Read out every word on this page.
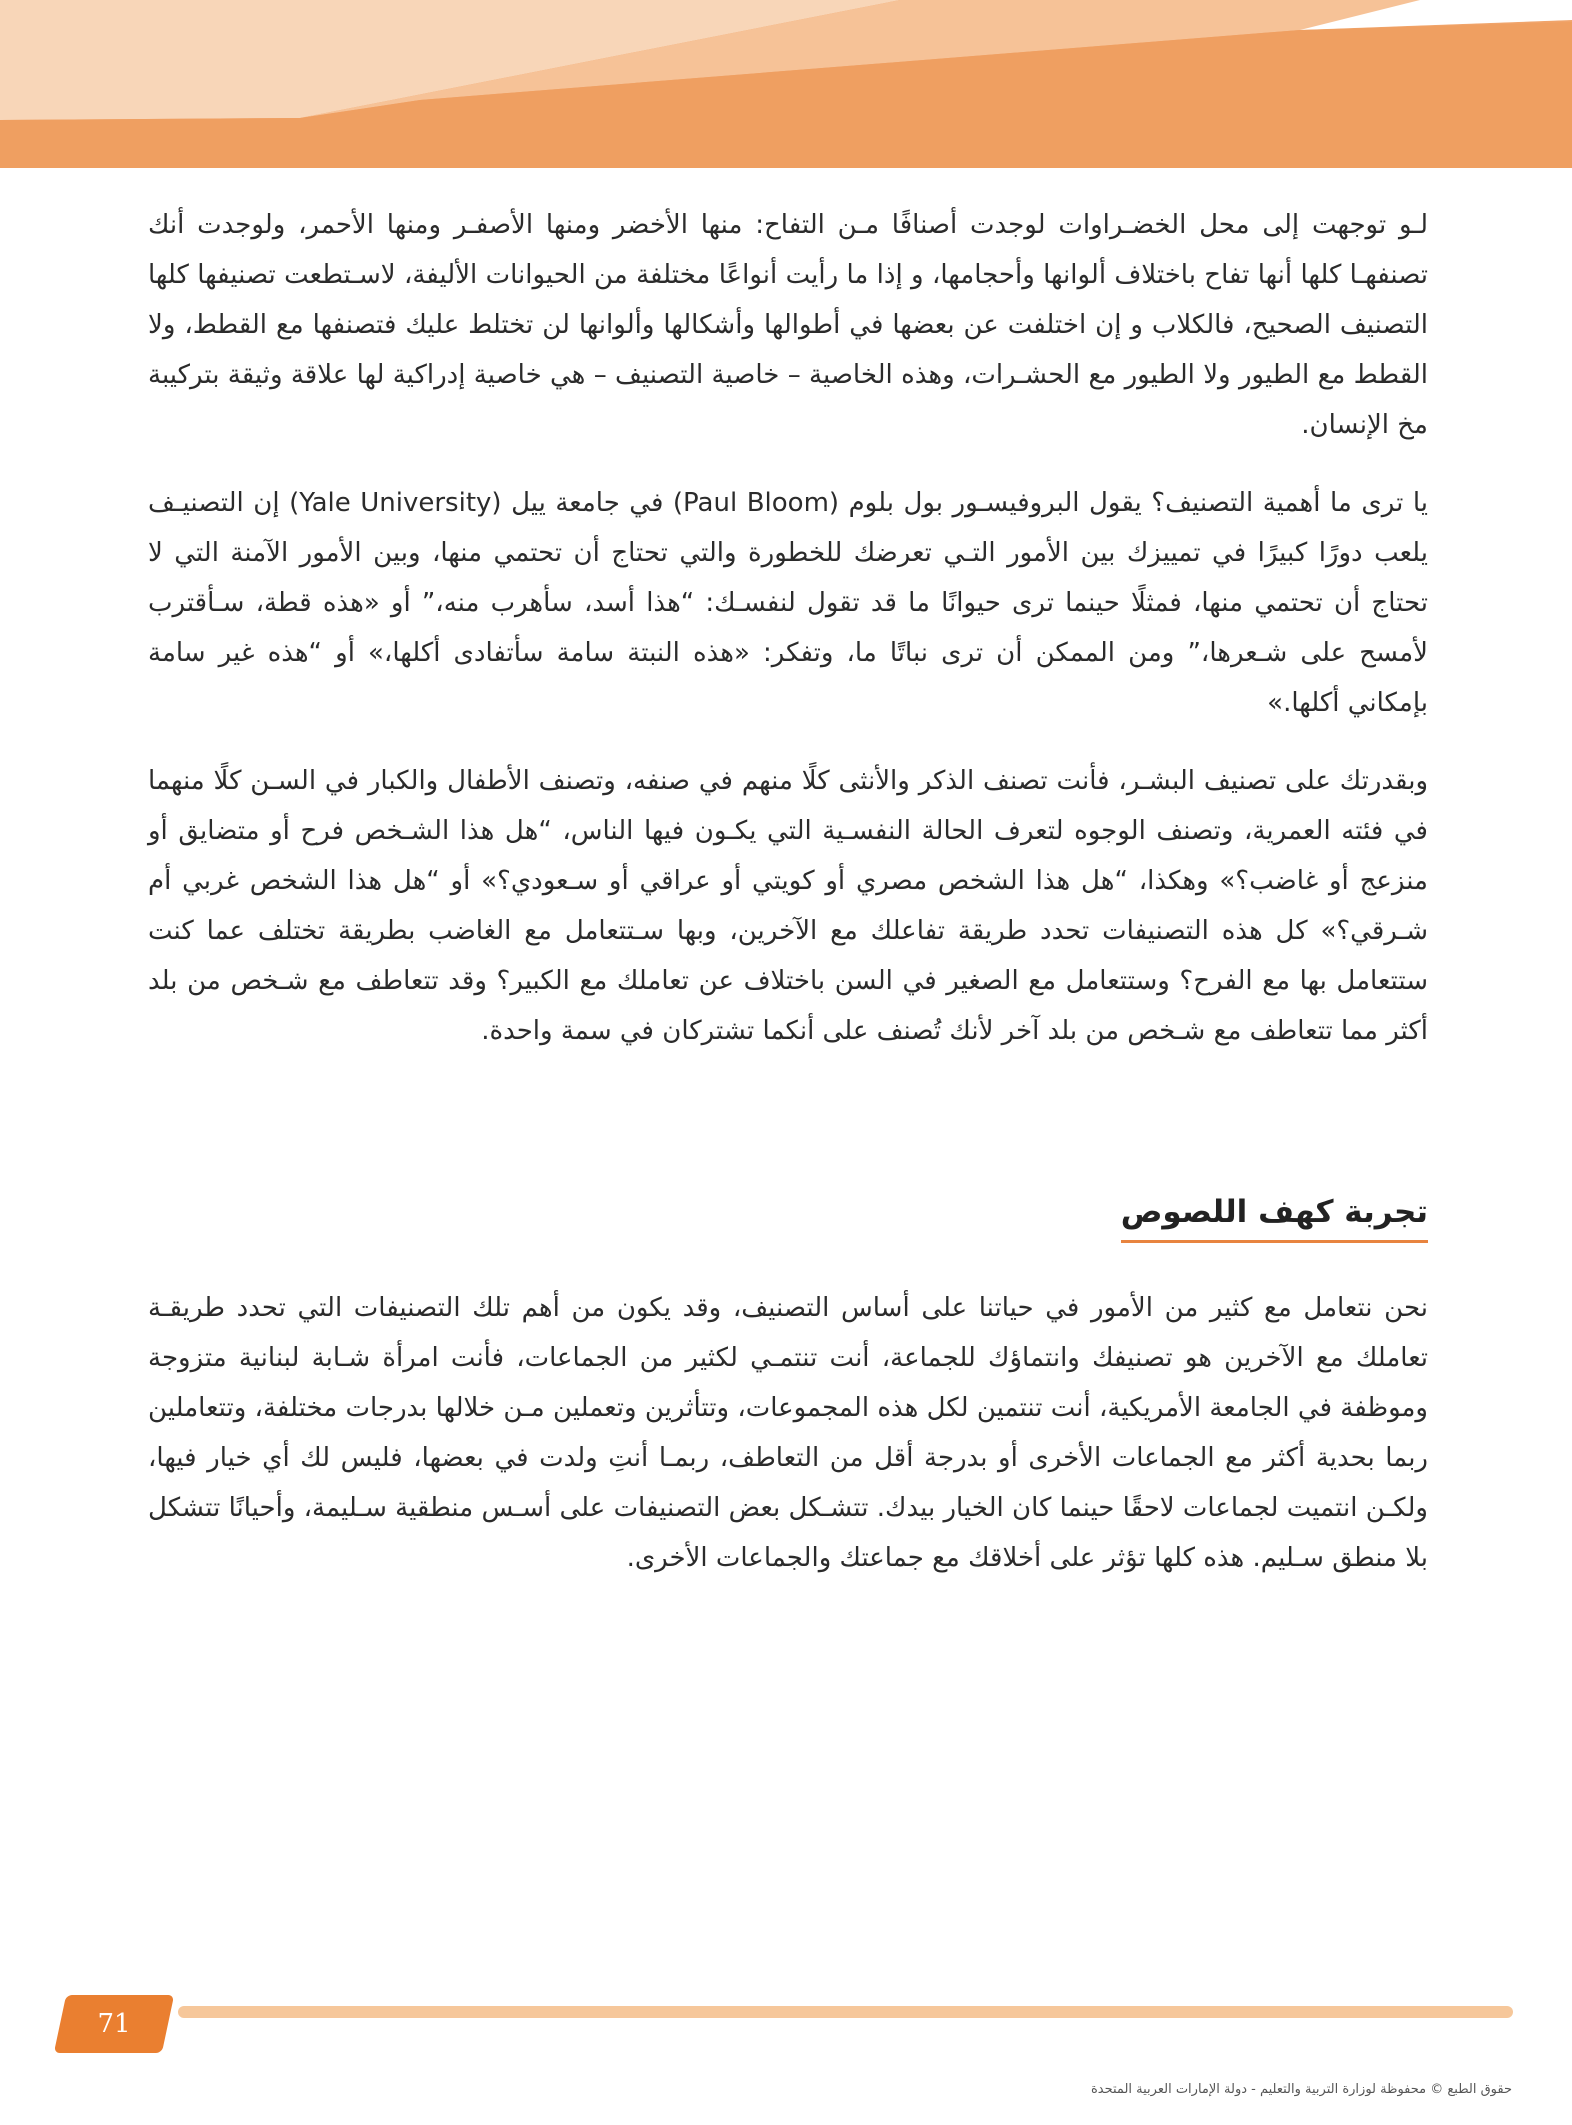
لـو توجهت إلى محل الخضـراوات لوجدت أصنافًا مـن التفاح: منها الأخضر ومنها الأصفـر ومنها الأحمر، ولوجدت أنك تصنفهـا كلها أنها تفاح باختلاف ألوانها وأحجامها، و إذا ما رأيت أنواعًا مختلفة من الحيوانات الأليفة، لاسـتطعت تصنيفها كلها التصنيف الصحيح، فالكلاب و إن اختلفت عن بعضها في أطوالها وأشكالها وألوانها لن تختلط عليك فتصنفها مع القطط، ولا القطط مع الطيور ولا الطيور مع الحشـرات، وهذه الخاصية – خاصية التصنيف – هي خاصية إدراكية لها علاقة وثيقة بتركيبة مخ الإنسان.

يا ترى ما أهمية التصنيف؟ يقول البروفيسـور بول بلوم (Paul Bloom) في جامعة ييل (Yale University) إن التصنيـف يلعب دورًا كبيرًا في تمييزك بين الأمور التـي تعرضك للخطورة والتي تحتاج أن تحتمي منها، وبين الأمور الآمنة التي لا تحتاج أن تحتمي منها، فمثلًا حينما ترى حيوانًا ما قد تقول لنفسـك: “هذا أسد، سأهرب منه،” أو «هذه قطة، سـأقترب لأمسح على شـعرها،” ومن الممكن أن ترى نباتًا ما، وتفكر: «هذه النبتة سامة سأتفادى أكلها،» أو “هذه غير سامة بإمكاني أكلها.»

وبقدرتك على تصنيف البشـر، فأنت تصنف الذكر والأنثى كلًا منهم في صنفه، وتصنف الأطفال والكبار في السـن كلًا منهما في فئته العمرية، وتصنف الوجوه لتعرف الحالة النفسـية التي يكـون فيها الناس، “هل هذا الشـخص فرح أو متضايق أو منزعج أو غاضب؟» وهكذا، “هل هذا الشخص مصري أو كويتي أو عراقي أو سـعودي؟» أو “هل هذا الشخص غربي أم شـرقي؟» كل هذه التصنيفات تحدد طريقة تفاعلك مع الآخرين، وبها سـتتعامل مع الغاضب بطريقة تختلف عما كنت ستتعامل بها مع الفرح؟ وستتعامل مع الصغير في السن باختلاف عن تعاملك مع الكبير؟ وقد تتعاطف مع شـخص من بلد أكثر مما تتعاطف مع شـخص من بلد آخر لأنك تُصنف على أنكما تشتركان في سمة واحدة.

تجربة كهف اللصوص

نحن نتعامل مع كثير من الأمور في حياتنا على أساس التصنيف، وقد يكون من أهم تلك التصنيفات التي تحدد طريقـة تعاملك مع الآخرين هو تصنيفك وانتماؤك للجماعة، أنت تنتمـي لكثير من الجماعات، فأنت امرأة شـابة لبنانية متزوجة وموظفة في الجامعة الأمريكية، أنت تنتمين لكل هذه المجموعات، وتتأثرين وتعملين مـن خلالها بدرجات مختلفة، وتتعاملين ربما بحدية أكثر مع الجماعات الأخرى أو بدرجة أقل من التعاطف، ربمـا أنتِ ولدت في بعضها، فليس لك أي خيار فيها، ولكـن انتميت لجماعات لاحقًا حينما كان الخيار بيدك. تتشـكل بعض التصنيفات على أسـس منطقية سـليمة، وأحيانًا تتشكل بلا منطق سـليم. هذه كلها تؤثر على أخلاقك مع جماعتك والجماعات الأخرى.

71
حقوق الطبع © محفوظة لوزارة التربية والتعليم - دولة الإمارات العربية المتحدة
